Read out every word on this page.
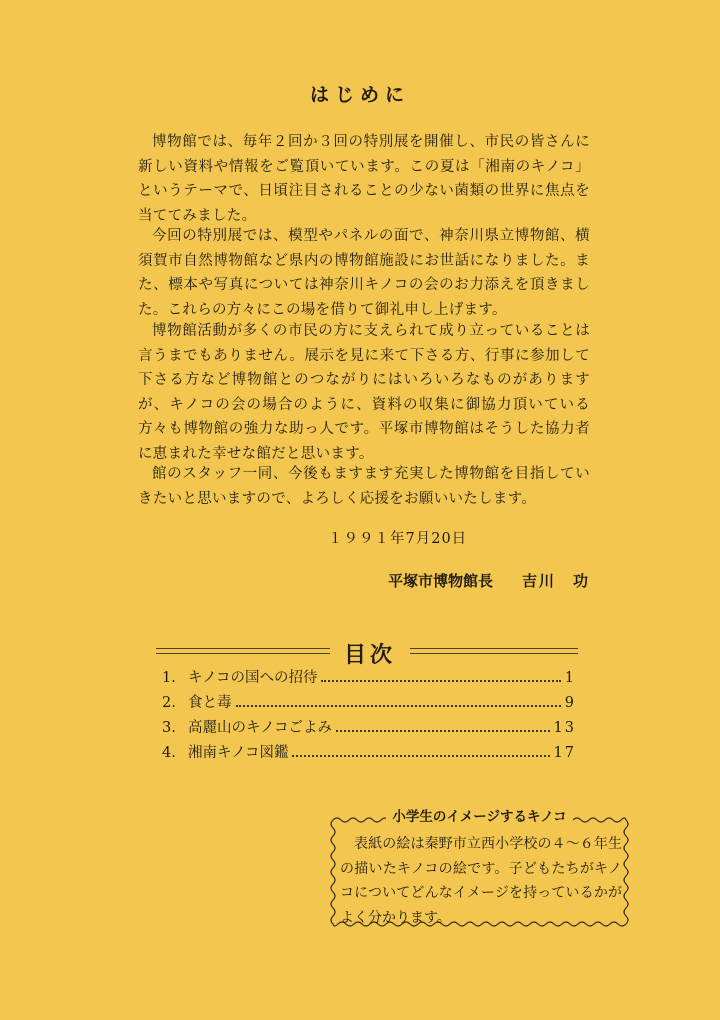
はじめに

博物館では、毎年２回か３回の特別展を開催し、市民の皆さんに新しい資料や情報をご覧頂いています。この夏は「湘南のキノコ」というテーマで、日頃注目されることの少ない菌類の世界に焦点を当ててみました。

今回の特別展では、模型やパネルの面で、神奈川県立博物館、横須賀市自然博物館など県内の博物館施設にお世話になりました。また、標本や写真については神奈川キノコの会のお力添えを頂きました。これらの方々にこの場を借りて御礼申し上げます。

博物館活動が多くの市民の方に支えられて成り立っていることは言うまでもありません。展示を見に来て下さる方、行事に参加して下さる方など博物館とのつながりにはいろいろなものがありますが、キノコの会の場合のように、資料の収集に御協力頂いている方々も博物館の強力な助っ人です。平塚市博物館はそうした協力者に恵まれた幸せな館だと思います。

館のスタッフ一同、今後もますます充実した博物館を目指していきたいと思いますので、よろしく応援をお願いいたします。

１９９１年7月20日
平塚市博物館長 吉川　功
目次
1. キノコの国への招待	1
2. 食と毒	9
3. 高麗山のキノコごよみ	13
4. 湘南キノコ図鑑	17
小学生のイメージするキノコ

表紙の絵は秦野市立西小学校の４～６年生の描いたキノコの絵です。子どもたちがキノコについてどんなイメージを持っているかがよく分かります。
